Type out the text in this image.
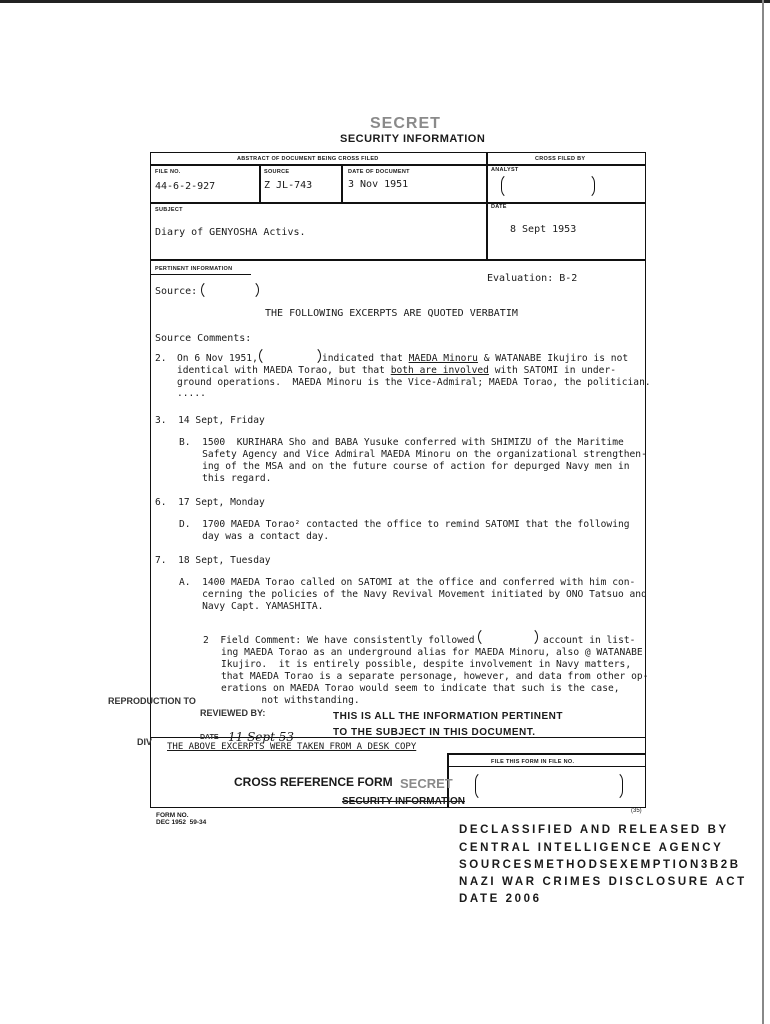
SECRET
SECURITY INFORMATION
ABSTRACT OF DOCUMENT BEING CROSS FILED	CROSS FILED BY
FILE NO.	SOURCE	DATE OF DOCUMENT	ANALYST
44-6-2-927	Z JL-743	3 Nov 1951
SUBJECT	DATE
Diary of GENYOSHA Activs.	8 Sept 1953
PERTINENT INFORMATION
Evaluation: B-2
Source:
THE FOLLOWING EXCERPTS ARE QUOTED VERBATIM
Source Comments:
2. On 6 Nov 1951,	indicated that MAEDA Minoru & WATANABE Ikujiro is not
identical with MAEDA Torao, but that both are involved with SATOMI in under-
ground operations.  MAEDA Minoru is the Vice-Admiral; MAEDA Torao, the politician.
.....
3.  14 Sept, Friday
B.  1500  KURIHARA Sho and BABA Yusuke conferred with SHIMIZU of the Maritime
Safety Agency and Vice Admiral MAEDA Minoru on the organizational strengthen-
ing of the MSA and on the future course of action for depurged Navy men in
this regard.
6.  17 Sept, Monday
D.  1700 MAEDA Torao² contacted the office to remind SATOMI that the following
day was a contact day.
7.  18 Sept, Tuesday
A.  1400 MAEDA Torao called on SATOMI at the office and conferred with him con-
cerning the policies of the Navy Revival Movement initiated by ONO Tatsuo and
Navy Capt. YAMASHITA.
2  Field Comment: We have consistently followed	account in list-
ing MAEDA Torao as an underground alias for MAEDA Minoru, also @ WATANABE
Ikujiro.  it is entirely possible, despite involvement in Navy matters,
that MAEDA Torao is a separate personage, however, and data from other op-
erations on MAEDA Torao would seem to indicate that such is the case,
not withstanding.
FILE THIS FORM IN FILE NO.
CROSS REFERENCE FORM
THIS IS ALL THE INFORMATION PERTINENT
TO THE SUBJECT IN THIS DOCUMENT.
REPRODUCTION TO
DIV
REVIEWED BY:
DATE 11 Sept 53
THE ABOVE EXCERPTS WERE TAKEN FROM A DESK COPY
SECRET
SECURITY INFORMATION
FORM NO.
DEC 1952  59-34
(35)
DECLASSIFIED AND RELEASED BY
CENTRAL INTELLIGENCE AGENCY
SOURCESMETHODSEXEMPTION3B2B
NAZI WAR CRIMES DISCLOSURE ACT
DATE 2006
